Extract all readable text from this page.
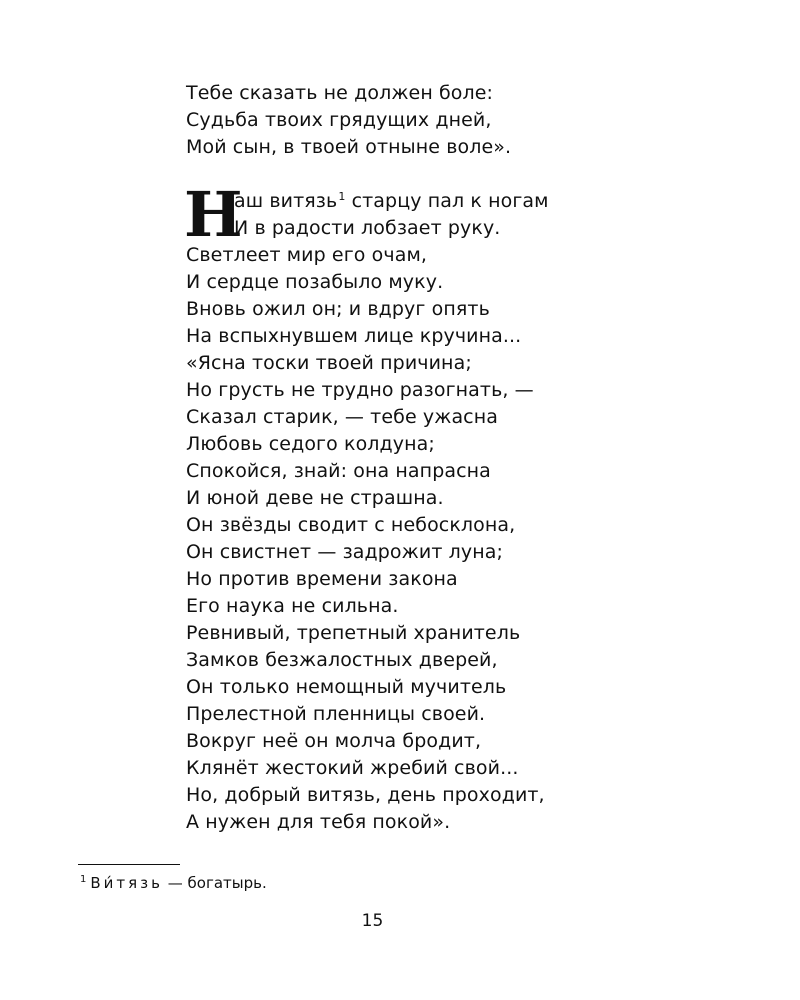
Тебе сказать не должен боле:
Судьба твоих грядущих дней,
Мой сын, в твоей отныне воле».
Н
аш витязь$^1$ старцу пал к ногам
И в радости лобзает руку.
Светлеет мир его очам,
И сердце позабыло муку.
Вновь ожил он; и вдруг опять
На вспыхнувшем лице кручина...
«Ясна тоски твоей причина;
Но грусть не трудно разогнать, —
Сказал старик, — тебе ужасна
Любовь седого колдуна;
Спокойся, знай: она напрасна
И юной деве не страшна.
Он звёзды сводит с небосклона,
Он свистнет — задрожит луна;
Но против времени закона
Его наука не сильна.
Ревнивый, трепетный хранитель
Замков безжалостных дверей,
Он только немощный мучитель
Прелестной пленницы своей.
Вокруг неё он молча бродит,
Клянёт жестокий жребий свой...
Но, добрый витязь, день проходит,
А нужен для тебя покой».
$^1$ Ви́тязь — богатырь.
15
